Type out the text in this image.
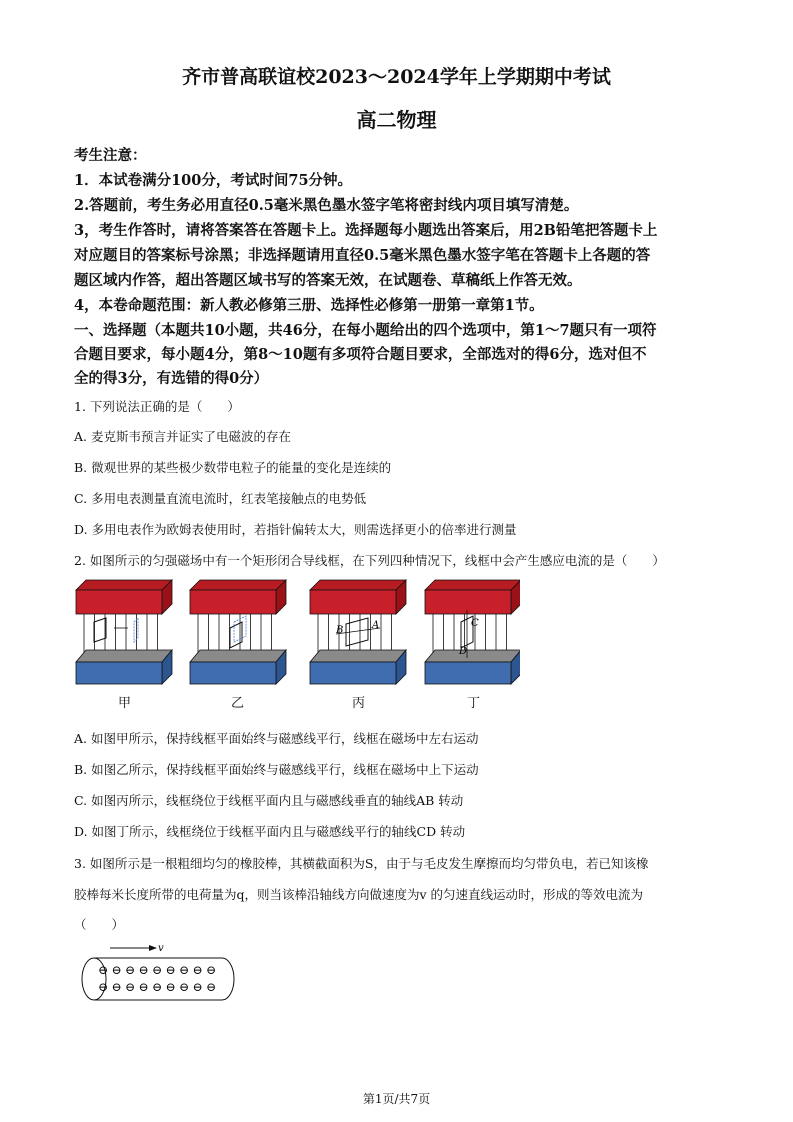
齐市普高联谊校2023～2024学年上学期期中考试
高二物理
考生注意：
1．本试卷满分100分，考试时间75分钟。
2.答题前，考生务必用直径0.5毫米黑色墨水签字笔将密封线内项目填写清楚。
3，考生作答时，请将答案答在答题卡上。选择题每小题选出答案后，用2B铅笔把答题卡上
对应题目的答案标号涂黑；非选择题请用直径0.5毫米黑色墨水签字笔在答题卡上各题的答
题区域内作答，超出答题区域书写的答案无效，在试题卷、草稿纸上作答无效。
4，本卷命题范围：新人教必修第三册、选择性必修第一册第一章第1节。
一、选择题（本题共10小题，共46分，在每小题给出的四个选项中，第1～7题只有一项符
合题目要求，每小题4分，第8～10题有多项符合题目要求，全部选对的得6分，选对但不
全的得3分，有选错的得0分）
1. 下列说法正确的是（　　）
A. 麦克斯韦预言并证实了电磁波的存在
B. 微观世界的某些极少数带电粒子的能量的变化是连续的
C. 多用电表测量直流电流时，红表笔接触点的电势低
D. 多用电表作为欧姆表使用时，若指针偏转太大，则需选择更小的倍率进行测量
2. 如图所示的匀强磁场中有一个矩形闭合导线框，在下列四种情况下，线框中会产生感应电流的是（　　）
B	A	C
D
甲	乙	丙	丁
A. 如图甲所示，保持线框平面始终与磁感线平行，线框在磁场中左右运动
B. 如图乙所示，保持线框平面始终与磁感线平行，线框在磁场中上下运动
C. 如图丙所示，线框绕位于线框平面内且与磁感线垂直的轴线AB 转动
D. 如图丁所示，线框绕位于线框平面内且与磁感线平行的轴线CD 转动
3. 如图所示是一根粗细均匀的橡胶棒，其横截面积为S，由于与毛皮发生摩擦而均匀带负电，若已知该橡
胶棒每米长度所带的电荷量为q，则当该棒沿轴线方向做速度为v 的匀速直线运动时，形成的等效电流为
（　　）
v
⊖ ⊖ ⊖ ⊖ ⊖ ⊖ ⊖ ⊖ ⊖
⊖ ⊖ ⊖ ⊖ ⊖ ⊖ ⊖ ⊖ ⊖
第1页/共7页
